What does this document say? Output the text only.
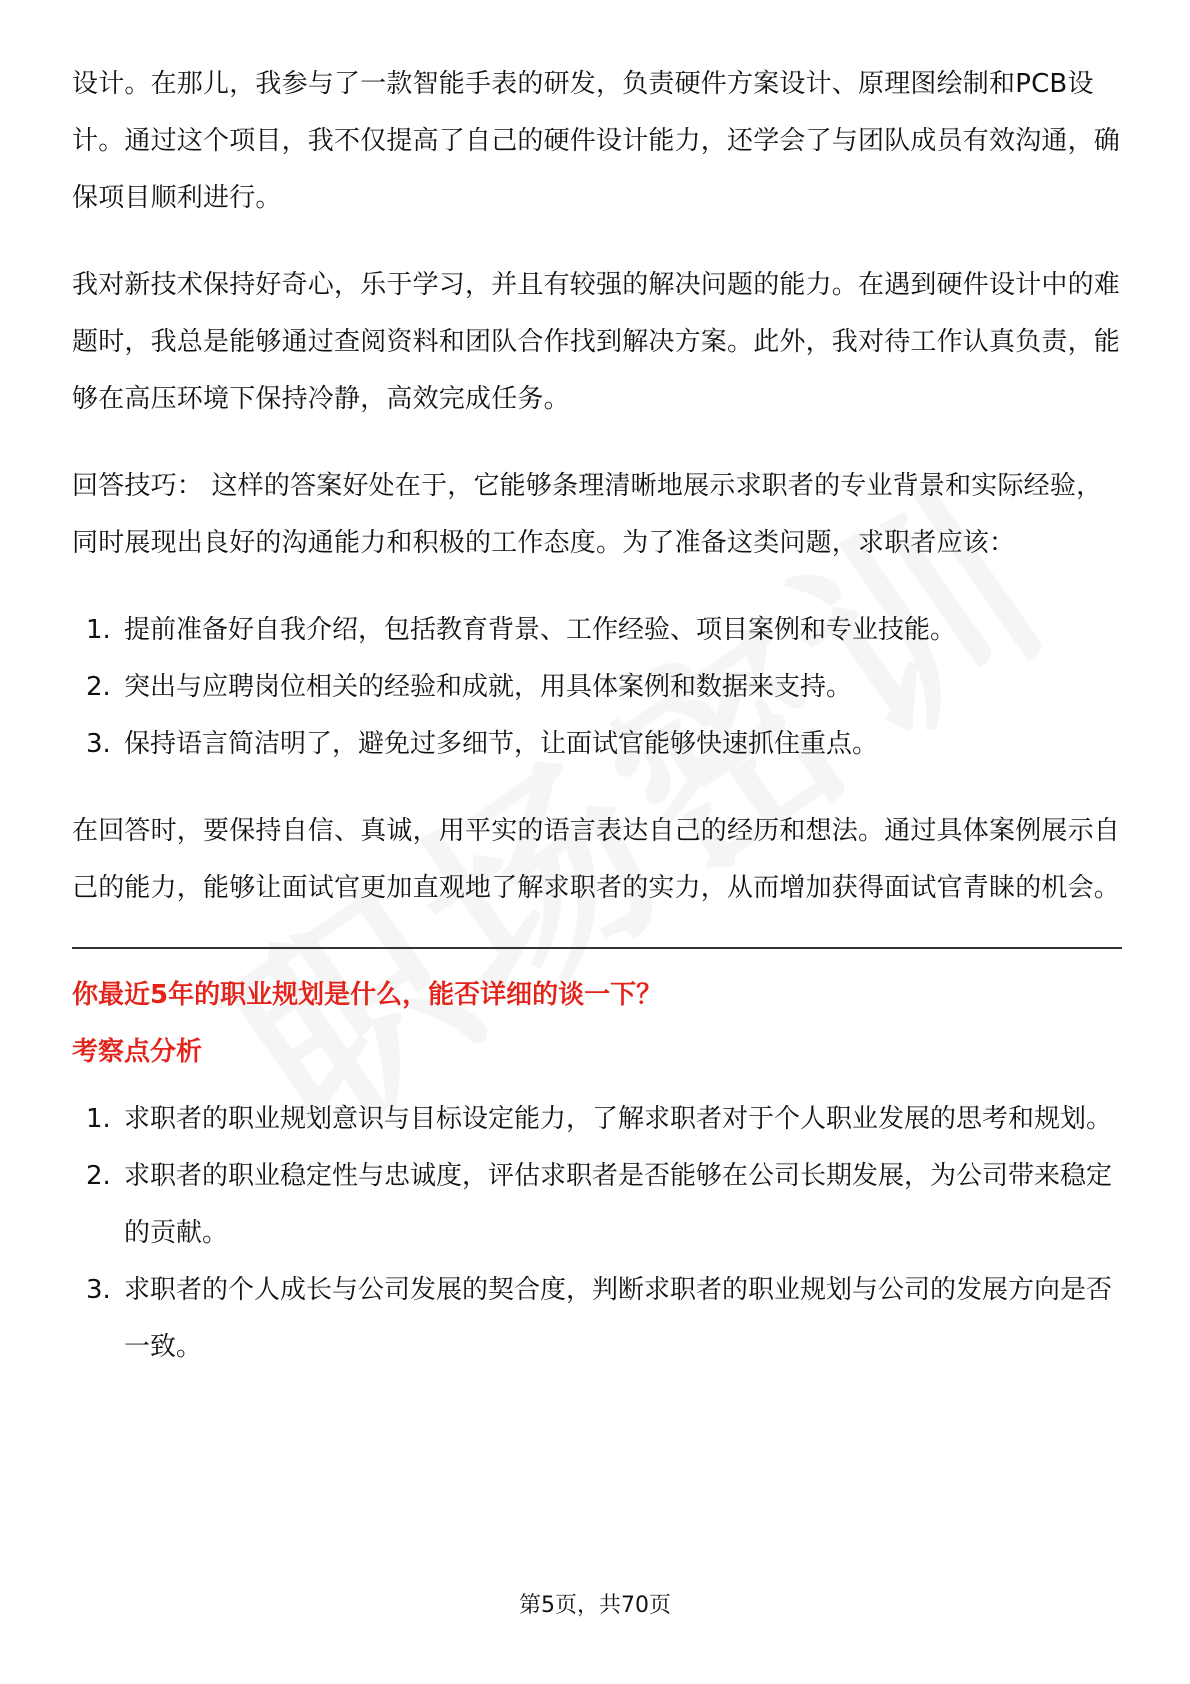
设计。在那儿，我参与了一款智能手表的研发，负责硬件方案设计、原理图绘制和PCB设计。通过这个项目，我不仅提高了自己的硬件设计能力，还学会了与团队成员有效沟通，确保项目顺利进行。

我对新技术保持好奇心，乐于学习，并且有较强的解决问题的能力。在遇到硬件设计中的难题时，我总是能够通过查阅资料和团队合作找到解决方案。此外，我对待工作认真负责，能够在高压环境下保持冷静，高效完成任务。

回答技巧： 这样的答案好处在于，它能够条理清晰地展示求职者的专业背景和实际经验，同时展现出良好的沟通能力和积极的工作态度。为了准备这类问题，求职者应该：

1. 提前准备好自我介绍，包括教育背景、工作经验、项目案例和专业技能。
2. 突出与应聘岗位相关的经验和成就，用具体案例和数据来支持。
3. 保持语言简洁明了，避免过多细节，让面试官能够快速抓住重点。

在回答时，要保持自信、真诚，用平实的语言表达自己的经历和想法。通过具体案例展示自己的能力，能够让面试官更加直观地了解求职者的实力，从而增加获得面试官青睐的机会。

你最近5年的职业规划是什么，能否详细的谈一下？
考察点分析
1. 求职者的职业规划意识与目标设定能力，了解求职者对于个人职业发展的思考和规划。
2. 求职者的职业稳定性与忠诚度，评估求职者是否能够在公司长期发展，为公司带来稳定的贡献。
3. 求职者的个人成长与公司发展的契合度，判断求职者的职业规划与公司的发展方向是否一致。
第5页，共70页
